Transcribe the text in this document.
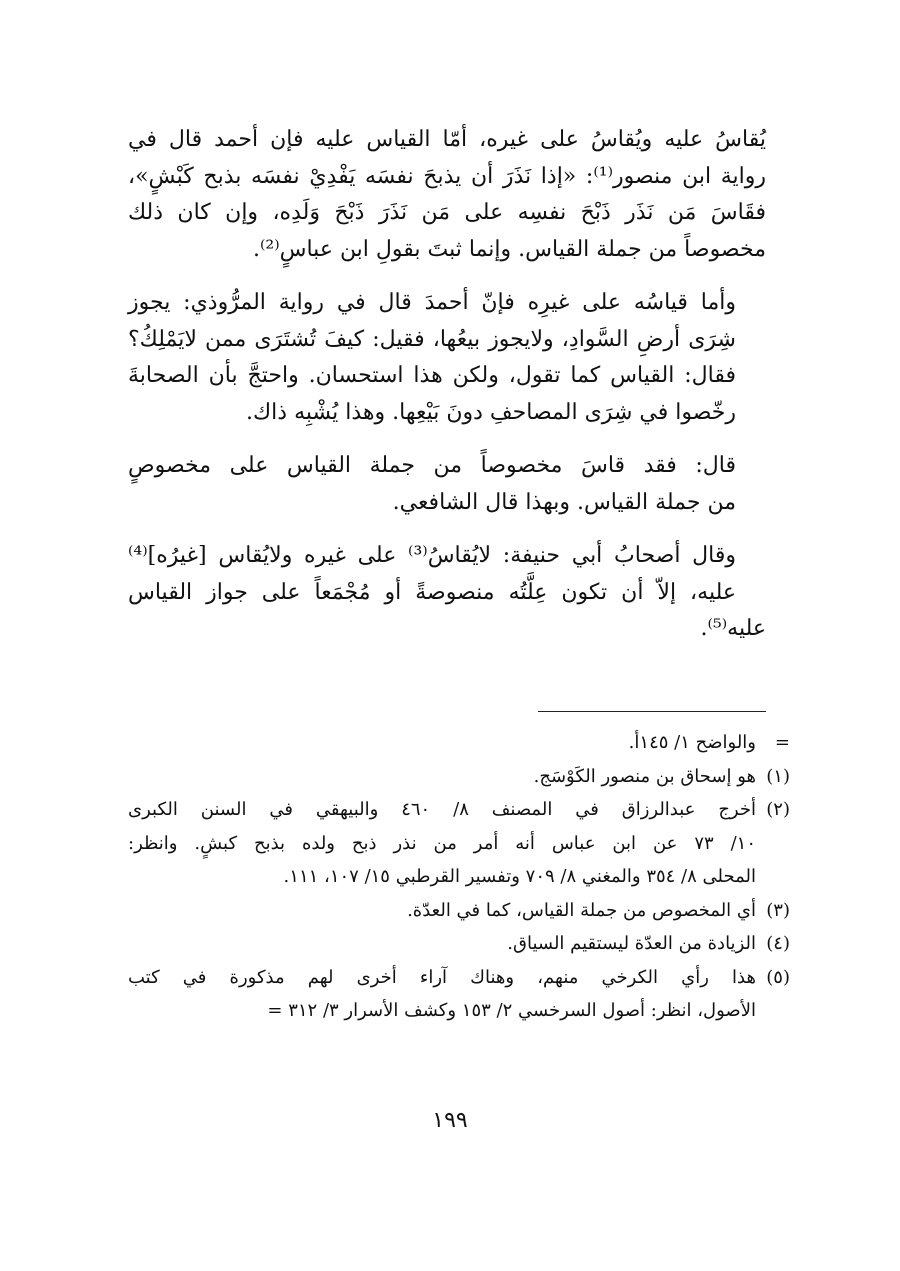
يُقاسُ عليه ويُقاسُ على غيره، أمّا القياس عليه فإن أحمد قال في
رواية ابن منصور⁽¹⁾: «إذا نَذَرَ أن يذبحَ نفسَه يَفْدِيْ نفسَه بذبح كَبْشٍ»،
فقَاسَ مَن نَذَر ذَبْحَ نفسِه على مَن نَذَرَ ذَبْحَ وَلَدِه، وإن كان ذلك
مخصوصاً من جملة القياس. وإنما ثبتَ بقولِ ابن عباسٍ⁽²⁾.

وأما قياسُه على غيرِه فإنّ أحمدَ قال في رواية المرُّوذي: يجوز
شِرَى أرضِ السَّوادِ، ولايجوز بيعُها، فقيل: كيفَ تُشتَرَى ممن لايَمْلِكُ؟
فقال: القياس كما تقول، ولكن هذا استحسان. واحتجَّ بأن الصحابةَ
رخّصوا في شِرَى المصاحفِ دونَ بَيْعِها. وهذا يُشْبِه ذاك.

قال: فقد قاسَ مخصوصاً من جملة القياس على مخصوصٍ
من جملة القياس. وبهذا قال الشافعي.

وقال أصحابُ أبي حنيفة: لايُقاسُ⁽³⁾ على غيره ولايُقاس [غيرُه]⁽⁴⁾
عليه، إلاّ أن تكون عِلَّتُه منصوصةً أو مُجْمَعاً على جواز القياس عليه⁽⁵⁾.

=
والواضح ١/ ١٤٥أ.
(١)
هو إسحاق بن منصور الكَوْسَج.
(٢)
أخرج عبدالرزاق في المصنف ٨/ ٤٦٠ والبيهقي في السنن الكبرى
١٠/ ٧٣ عن ابن عباس أنه أمر من نذر ذبح ولده بذبح كبشٍ. وانظر:
المحلى ٨/ ٣٥٤ والمغني ٨/ ٧٠٩ وتفسير القرطبي ١٥/ ١٠٧، ١١١.
(٣)
أي المخصوص من جملة القياس، كما في العدّة.
(٤)
الزيادة من العدّة ليستقيم السياق.
(٥)
هذا رأي الكرخي منهم، وهناك آراء أخرى لهم مذكورة في كتب
الأصول، انظر: أصول السرخسي ٢/ ١٥٣ وكشف الأسرار ٣/ ٣١٢ =
١٩٩
